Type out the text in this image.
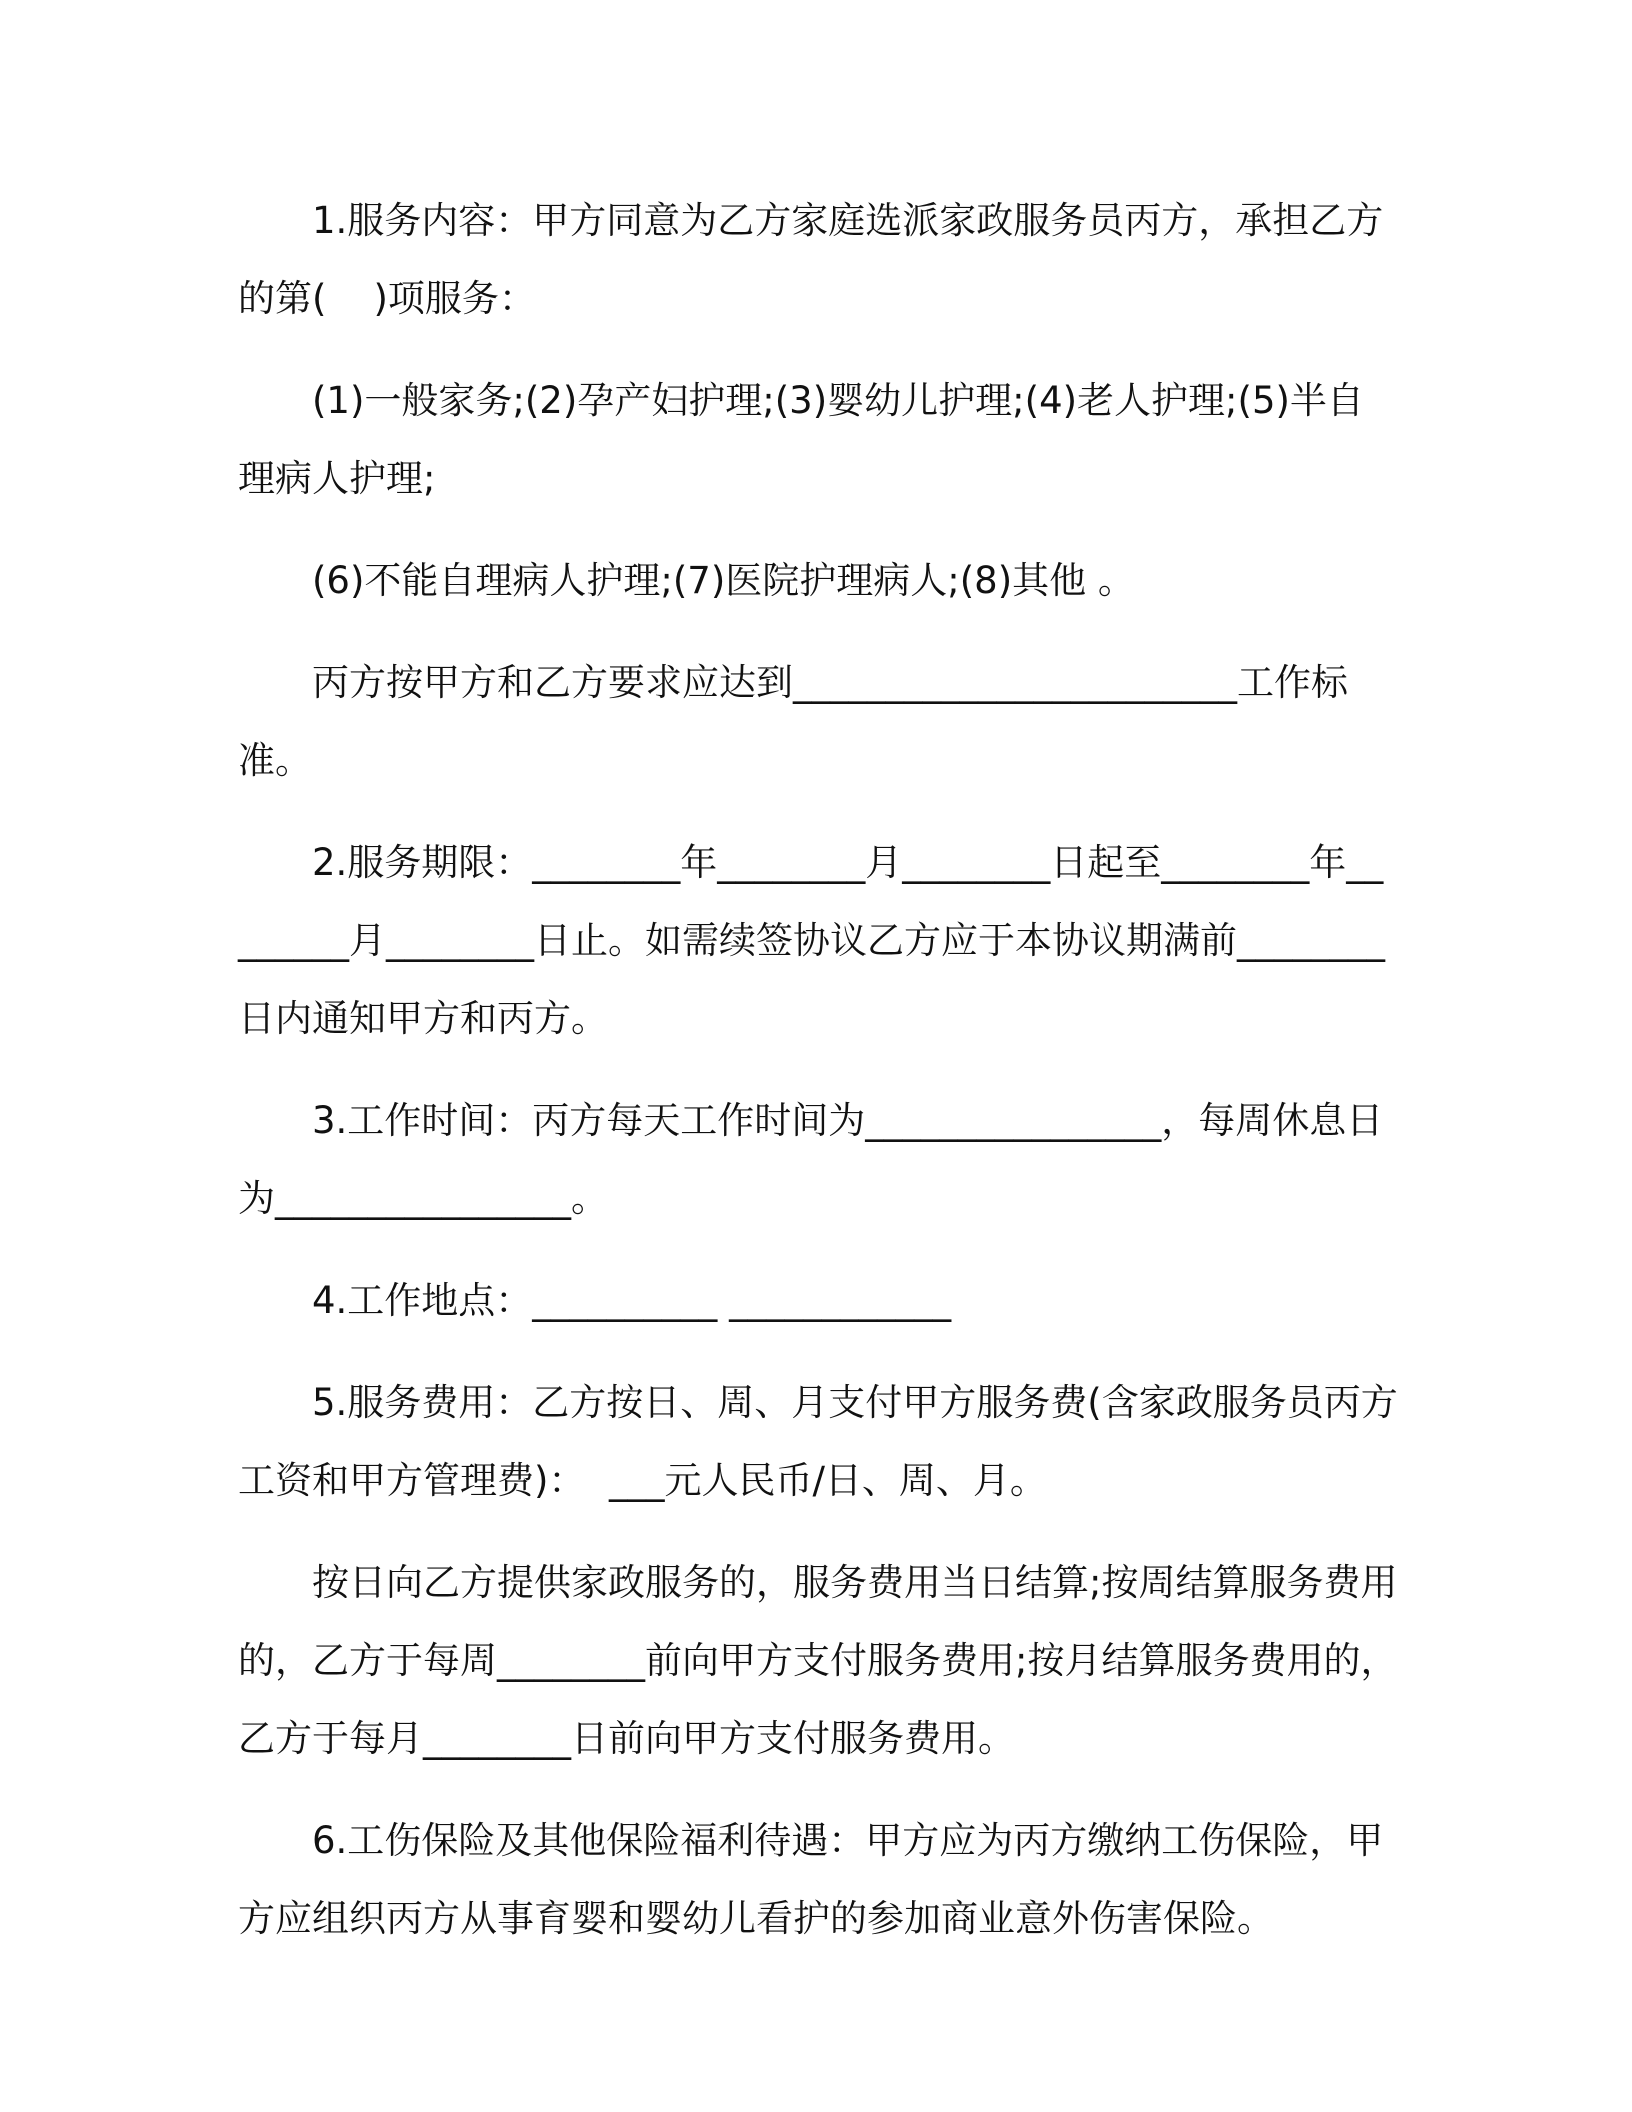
1.服务内容：甲方同意为乙方家庭选派家政服务员丙方，承担乙方的第(    )项服务：

(1)一般家务;(2)孕产妇护理;(3)婴幼儿护理;(4)老人护理;(5)半自理病人护理;

(6)不能自理病人护理;(7)医院护理病人;(8)其他 。

丙方按甲方和乙方要求应达到________________________工作标准。

2.服务期限：________年________月________日起至________年________月________日止。如需续签协议乙方应于本协议期满前________日内通知甲方和丙方。

3.工作时间：丙方每天工作时间为________________，每周休息日为________________。

4.工作地点：__________ ____________

5.服务费用：乙方按日、周、月支付甲方服务费(含家政服务员丙方工资和甲方管理费)：  ___元人民币/日、周、月。

按日向乙方提供家政服务的，服务费用当日结算;按周结算服务费用的，乙方于每周________前向甲方支付服务费用;按月结算服务费用的，乙方于每月________日前向甲方支付服务费用。

6.工伤保险及其他保险福利待遇：甲方应为丙方缴纳工伤保险，甲方应组织丙方从事育婴和婴幼儿看护的参加商业意外伤害保险。
